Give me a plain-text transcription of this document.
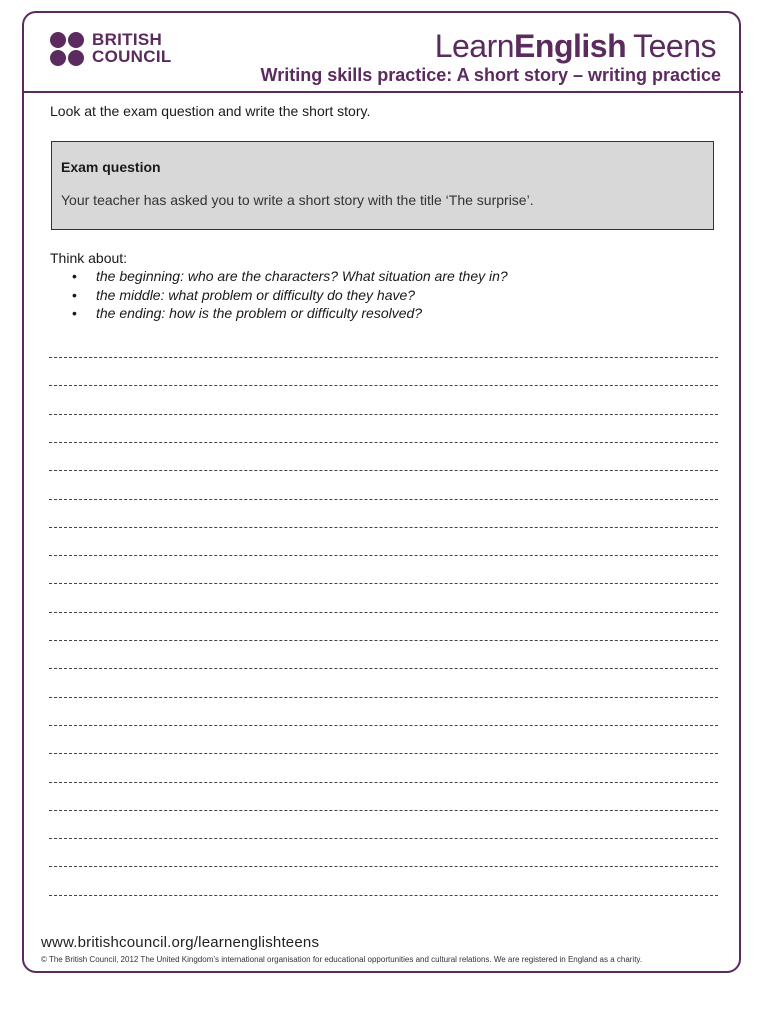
BRITISH
COUNCIL	LearnEnglish Teens
Writing skills practice: A short story – writing practice
Look at the exam question and write the short story.
Exam question
Your teacher has asked you to write a short story with the title ‘The surprise’.
Think about:
• the beginning: who are the characters? What situation are they in?
• the middle: what problem or difficulty do they have?
• the ending: how is the problem or difficulty resolved?
www.britishcouncil.org/learnenglishteens
© The British Council, 2012 The United Kingdom’s international organisation for educational opportunities and cultural relations. We are registered in England as a charity.
